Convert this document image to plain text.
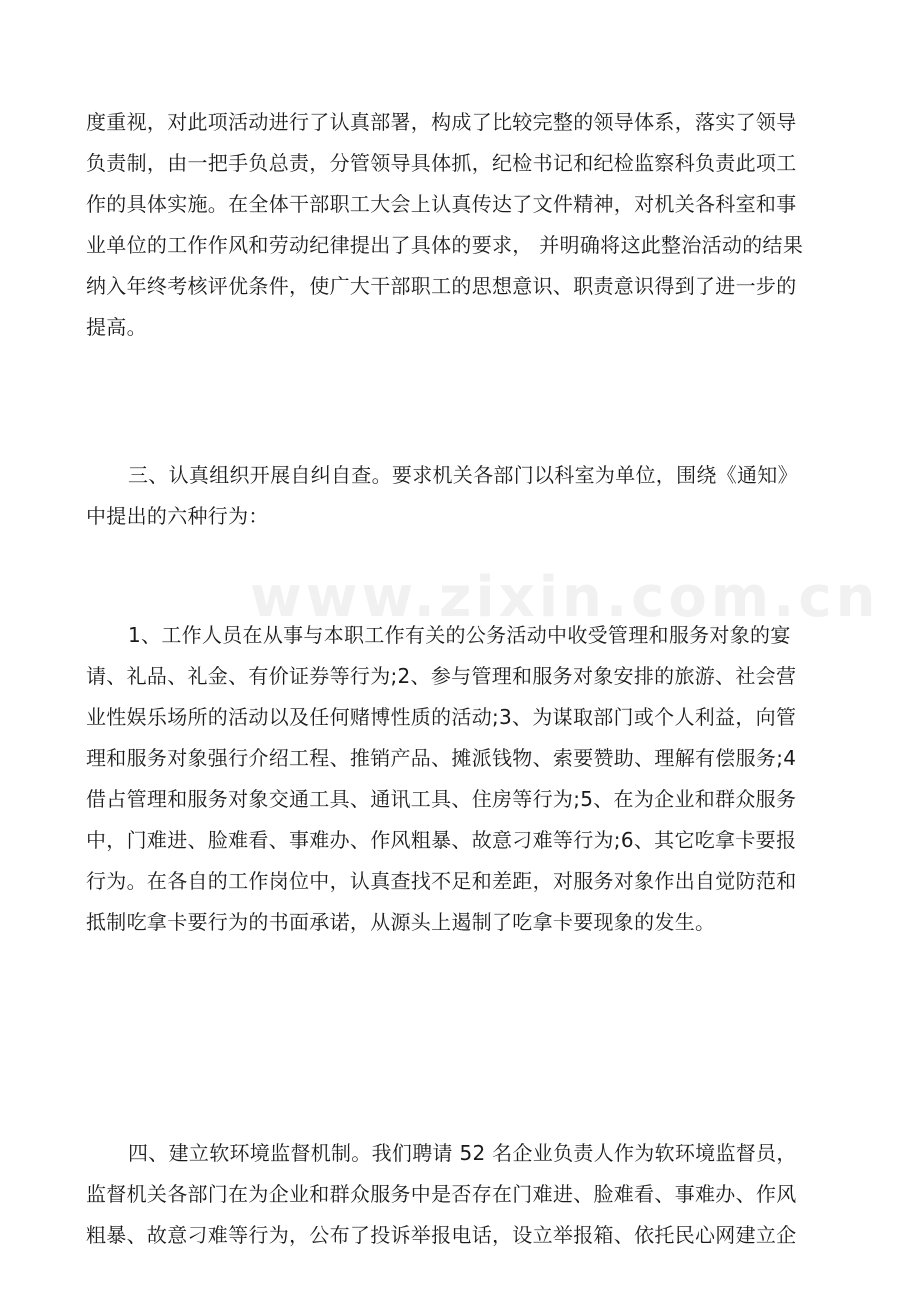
www.zixin.com.cn
度重视，对此项活动进行了认真部署，构成了比较完整的领导体系，落实了领导
负责制，由一把手负总责，分管领导具体抓，纪检书记和纪检监察科负责此项工
作的具体实施。在全体干部职工大会上认真传达了文件精神，对机关各科室和事
业单位的工作作风和劳动纪律提出了具体的要求， 并明确将这此整治活动的结果
纳入年终考核评优条件，使广大干部职工的思想意识、职责意识得到了进一步的
提高。
三、认真组织开展自纠自查。要求机关各部门以科室为单位，围绕《通知》
中提出的六种行为：
1、工作人员在从事与本职工作有关的公务活动中收受管理和服务对象的宴
请、礼品、礼金、有价证券等行为;2、参与管理和服务对象安排的旅游、社会营
业性娱乐场所的活动以及任何赌博性质的活动;3、为谋取部门或个人利益，向管
理和服务对象强行介绍工程、推销产品、摊派钱物、索要赞助、理解有偿服务;4
借占管理和服务对象交通工具、通讯工具、住房等行为;5、在为企业和群众服务
中，门难进、脸难看、事难办、作风粗暴、故意刁难等行为;6、其它吃拿卡要报
行为。在各自的工作岗位中，认真查找不足和差距，对服务对象作出自觉防范和
抵制吃拿卡要行为的书面承诺，从源头上遏制了吃拿卡要现象的发生。
四、建立软环境监督机制。我们聘请 52 名企业负责人作为软环境监督员，
监督机关各部门在为企业和群众服务中是否存在门难进、脸难看、事难办、作风
粗暴、故意刁难等行为，公布了投诉举报电话，设立举报箱、依托民心网建立企
